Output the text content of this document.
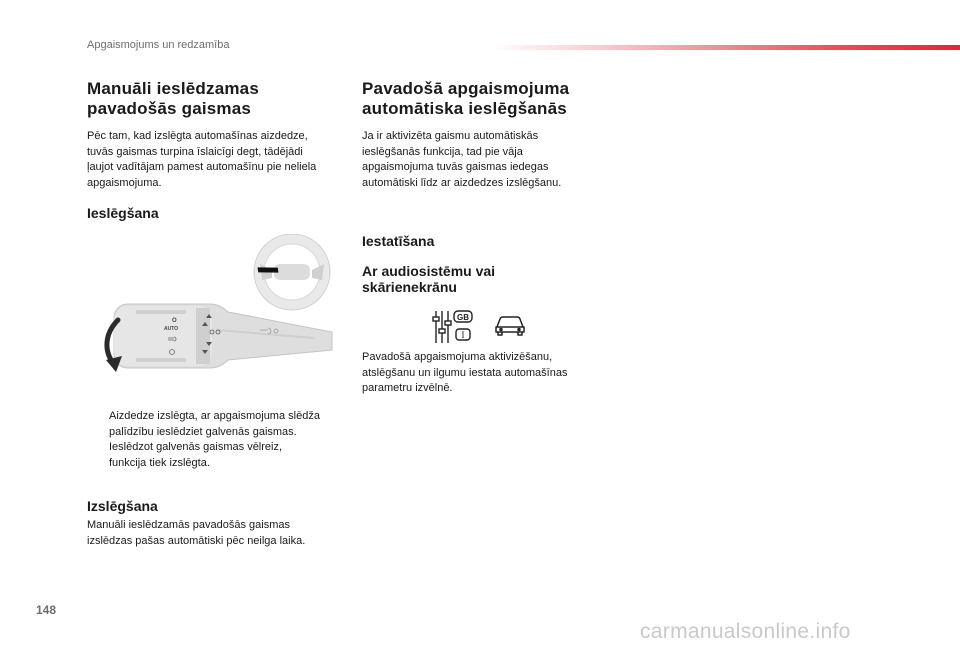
Apgaismojums un redzamība
Manuāli ieslēdzamas
pavadošās gaismas
Pēc tam, kad izslēgta automašīnas aizdedze,
tuvās gaismas turpina īslaicīgi degt, tādējādi
ļaujot vadītājam pamest automašīnu pie neliela
apgaismojuma.
Ieslēgšana
O
AUTO
Aizdedze izslēgta, ar apgaismojuma slēdža
palīdzību ieslēdziet galvenās gaismas.
Ieslēdzot galvenās gaismas vēlreiz,
funkcija tiek izslēgta.
Izslēgšana
Manuāli ieslēdzamās pavadošās gaismas
izslēdzas pašas automātiski pēc neilga laika.
Pavadošā apgaismojuma
automātiska ieslēgšanās
Ja ir aktivizēta gaismu automātiskās
ieslēgšanās funkcija, tad pie vāja
apgaismojuma tuvās gaismas iedegas
automātiski līdz ar aizdedzes izslēgšanu.
Iestatīšana
Ar audiosistēmu vai
skārienekrānu
GB
I
Pavadošā apgaismojuma aktivizēšanu,
atslēgšanu un ilgumu iestata automašīnas
parametru izvēlnē.
148
carmanualsonline.info
